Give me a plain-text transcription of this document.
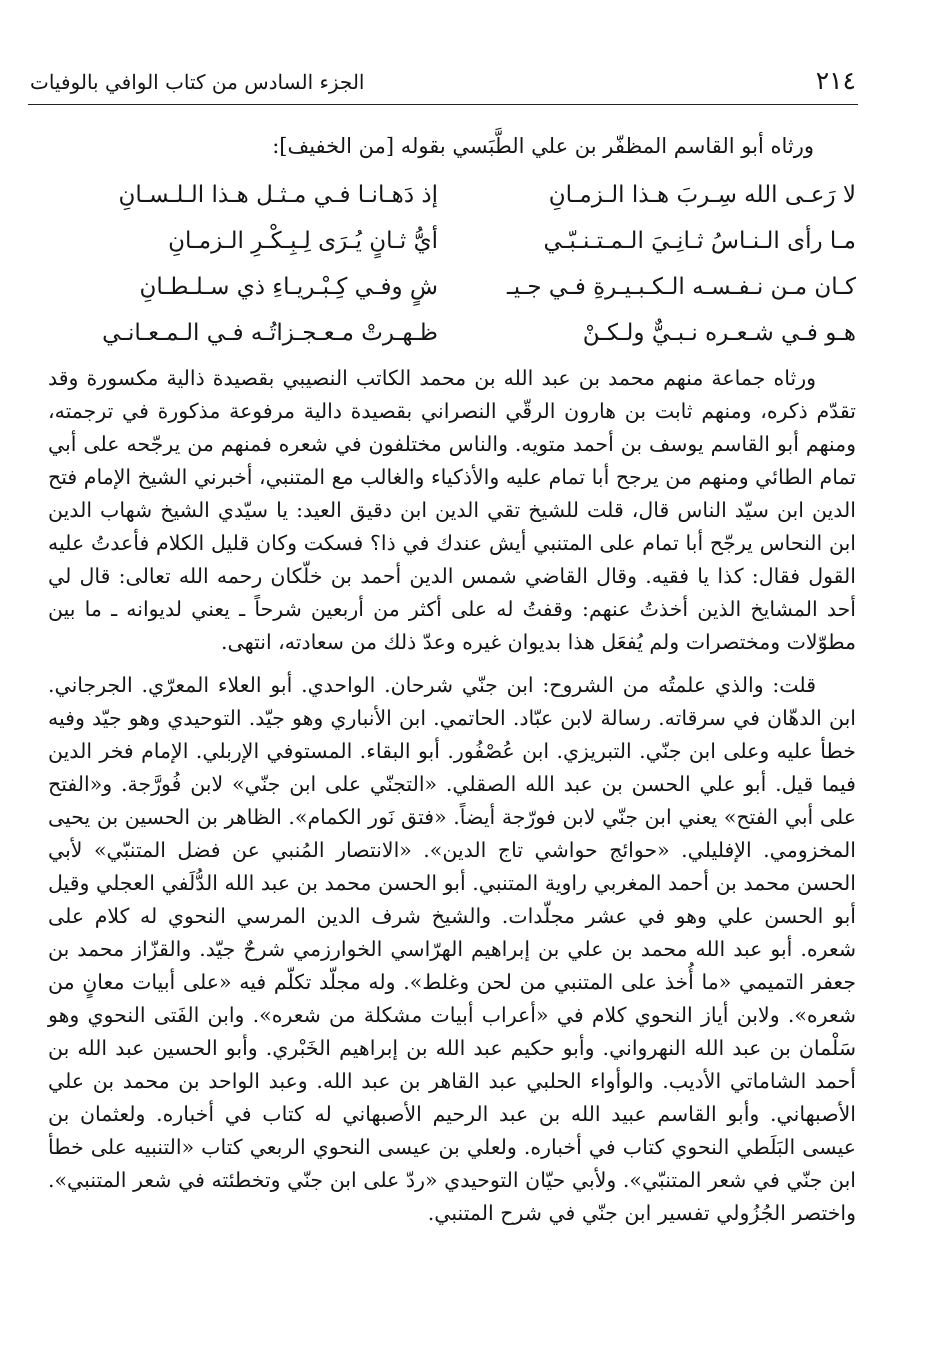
٢١٤
الجزء السادس من كتاب الوافي بالوفيات

ورثاه أبو القاسم المظفّر بن علي الطَّبَسي بقوله [من الخفيف]:

لا رَعـى الله سِـربَ هـذا الـزمـانِ
إذ دَهـانـا فـي مـثـل هـذا الـلـسـانِ
مـا رأى الـنـاسُ ثـانِـيَ الـمـتـنـبّـي
أيُّ ثـانٍ يُـرَى لِـبِـكْـرِ الـزمـانِ
كـان مـن نـفـسـه الـكـبـيـرةِ فـي جـيـ
شٍ وفـي كِـبْـريـاءِ ذي سـلـطـانِ
هـو فـي شـعـره نـبـيٌّ ولـكـنْ
ظـهـرتْ مـعـجـزاتُـه فـي الـمـعـانـي

ورثاه جماعة منهم محمد بن عبد الله بن محمد الكاتب النصيبي بقصيدة ذالية مكسورة وقد تقدّم ذكره، ومنهم ثابت بن هارون الرقّي النصراني بقصيدة دالية مرفوعة مذكورة في ترجمته، ومنهم أبو القاسم يوسف بن أحمد متويه. والناس مختلفون في شعره فمنهم من يرجّحه على أبي تمام الطائي ومنهم من يرجح أبا تمام عليه والأذكياء والغالب مع المتنبي، أخبرني الشيخ الإمام فتح الدين ابن سيّد الناس قال، قلت للشيخ تقي الدين ابن دقيق العيد: يا سيّدي الشيخ شهاب الدين ابن النحاس يرجّح أبا تمام على المتنبي أيش عندك في ذا؟ فسكت وكان قليل الكلام فأعدتُ عليه القول فقال: كذا يا فقيه. وقال القاضي شمس الدين أحمد بن خلّكان رحمه الله تعالى: قال لي أحد المشايخ الذين أخذتُ عنهم: وقفتُ له على أكثر من أربعين شرحاً ـ يعني لديوانه ـ ما بين مطوّلات ومختصرات ولم يُفعَل هذا بديوان غيره وعدّ ذلك من سعادته، انتهى.

قلت: والذي علمتُه من الشروح: ابن جنّي شرحان. الواحدي. أبو العلاء المعرّي. الجرجاني. ابن الدهّان في سرقاته. رسالة لابن عبّاد. الحاتمي. ابن الأنباري وهو جيّد. التوحيدي وهو جيّد وفيه خطأ عليه وعلى ابن جنّي. التبريزي. ابن عُصْفُور. أبو البقاء. المستوفي الإربلي. الإمام فخر الدين فيما قيل. أبو علي الحسن بن عبد الله الصقلي. «التجنّي على ابن جنّي» لابن فُورَّجة. و«الفتح على أبي الفتح» يعني ابن جنّي لابن فورّجة أيضاً. «فتق نَور الكمام». الظاهر بن الحسين بن يحيى المخزومي. الإفليلي. «حوائج حواشي تاج الدين». «الانتصار المُنبي عن فضل المتنبّي» لأبي الحسن محمد بن أحمد المغربي راوية المتنبي. أبو الحسن محمد بن عبد الله الدُّلَفي العجلي وقيل أبو الحسن علي وهو في عشر مجلّدات. والشيخ شرف الدين المرسي النحوي له كلام على شعره. أبو عبد الله محمد بن علي بن إبراهيم الهرّاسي الخوارزمي شرحٌ جيّد. والقزّاز محمد بن جعفر التميمي «ما أُخذ على المتنبي من لحن وغلط». وله مجلّد تكلّم فيه «على أبيات معانٍ من شعره». ولابن أياز النحوي كلام في «أعراب أبيات مشكلة من شعره». وابن الفَتى النحوي وهو سَلْمان بن عبد الله النهرواني. وأبو حكيم عبد الله بن إبراهيم الخَبْري. وأبو الحسين عبد الله بن أحمد الشاماتي الأديب. والوأواء الحلبي عبد القاهر بن عبد الله. وعبد الواحد بن محمد بن علي الأصبهاني. وأبو القاسم عبيد الله بن عبد الرحيم الأصبهاني له كتاب في أخباره. ولعثمان بن عيسى البَلَطي النحوي كتاب في أخباره. ولعلي بن عيسى النحوي الربعي كتاب «التنبيه على خطأ ابن جنّي في شعر المتنبّي». ولأبي حيّان التوحيدي «ردّ على ابن جنّي وتخطئته في شعر المتنبي». واختصر الجُزُولي تفسير ابن جنّي في شرح المتنبي.
